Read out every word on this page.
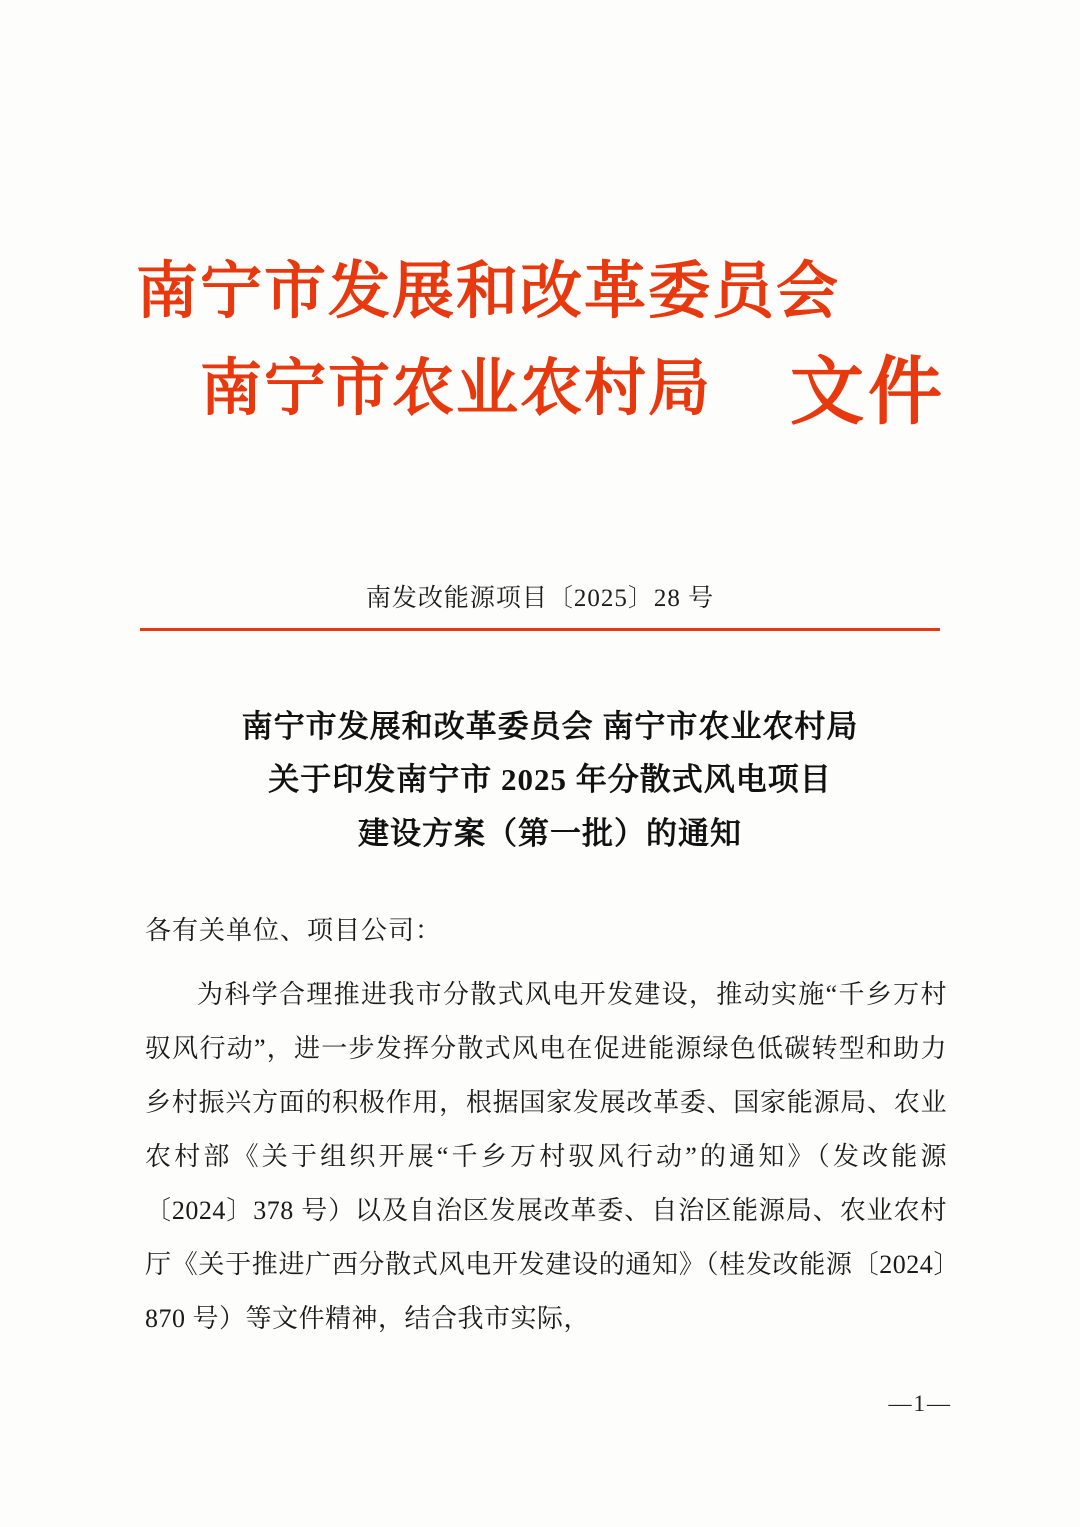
南宁市发展和改革委员会
南宁市农业农村局	文件
南发改能源项目〔2025〕28 号
南宁市发展和改革委员会 南宁市农业农村局
关于印发南宁市 2025 年分散式风电项目
建设方案（第一批）的通知
各有关单位、项目公司：

为科学合理推进我市分散式风电开发建设，推动实施“千乡万村驭风行动”，进一步发挥分散式风电在促进能源绿色低碳转型和助力乡村振兴方面的积极作用，根据国家发展改革委、国家能源局、农业农村部《关于组织开展“千乡万村驭风行动”的通知》（发改能源〔2024〕378 号）以及自治区发展改革委、自治区能源局、农业农村厅《关于推进广西分散式风电开发建设的通知》（桂发改能源〔2024〕870 号）等文件精神，结合我市实际，

—1—
